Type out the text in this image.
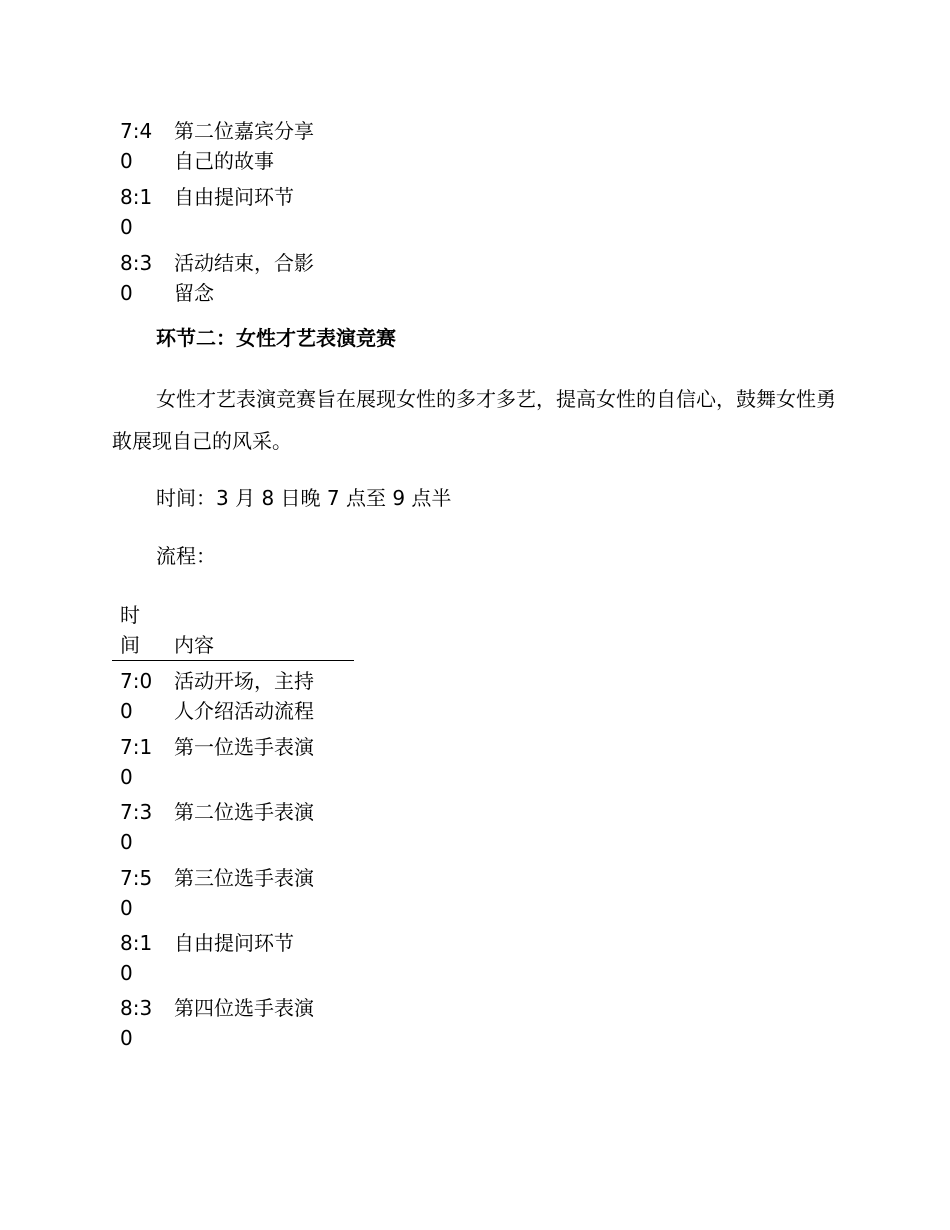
7:4
0
第二位嘉宾分享
自己的故事
8:1
0
自由提问环节
8:3
0
活动结束，合影
留念
环节二：女性才艺表演竞赛
女性才艺表演竞赛旨在展现女性的多才多艺，提高女性的自信心，鼓舞女性勇敢展现自己的风采。
时间：3 月 8 日晚 7 点至 9 点半
流程：
时
间	内容
7:0
0
活动开场，主持
人介绍活动流程
7:1
0
第一位选手表演
7:3
0
第二位选手表演
7:5
0
第三位选手表演
8:1
0
自由提问环节
8:3
0
第四位选手表演
